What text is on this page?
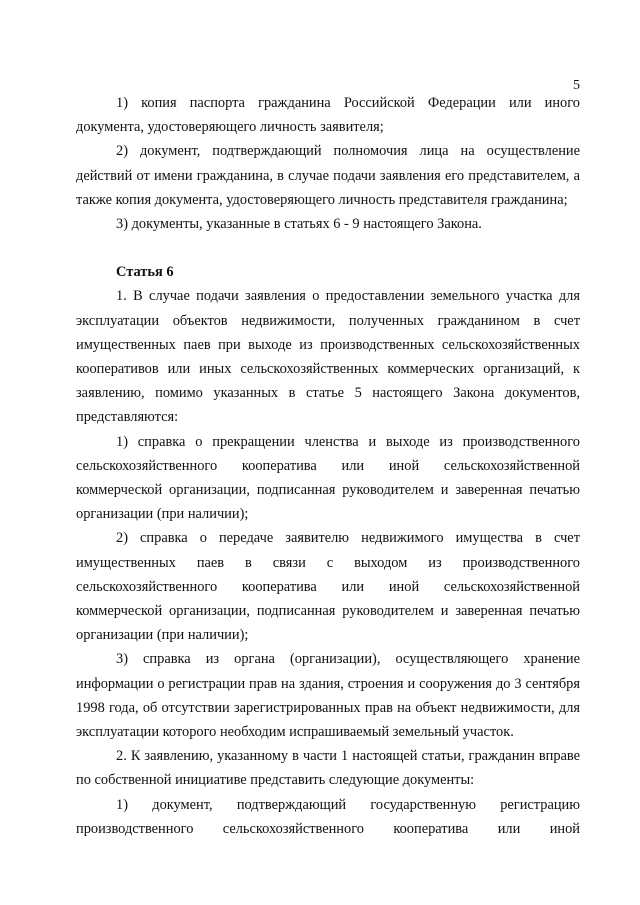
5

1) копия паспорта гражданина Российской Федерации или иного документа, удостоверяющего личность заявителя;

2) документ, подтверждающий полномочия лица на осуществление действий от имени гражданина, в случае подачи заявления его представителем, а также копия документа, удостоверяющего личность представителя гражданина;

3) документы, указанные в статьях 6 - 9 настоящего Закона.

Статья 6

1. В случае подачи заявления о предоставлении земельного участка для эксплуатации объектов недвижимости, полученных гражданином в счет имущественных паев при выходе из производственных сельскохозяйственных кооперативов или иных сельскохозяйственных коммерческих организаций, к заявлению, помимо указанных в статье 5 настоящего Закона документов, представляются:

1) справка о прекращении членства и выходе из производственного сельскохозяйственного кооператива или иной сельскохозяйственной коммерческой организации, подписанная руководителем и заверенная печатью организации (при наличии);

2) справка о передаче заявителю недвижимого имущества в счет имущественных паев в связи с выходом из производственного сельскохозяйственного кооператива или иной сельскохозяйственной коммерческой организации, подписанная руководителем и заверенная печатью организации (при наличии);

3) справка из органа (организации), осуществляющего хранение информации о регистрации прав на здания, строения и сооружения до 3 сентября 1998 года, об отсутствии зарегистрированных прав на объект недвижимости, для эксплуатации которого необходим испрашиваемый земельный участок.

2. К заявлению, указанному в части 1 настоящей статьи, гражданин вправе по собственной инициативе представить следующие документы:

1) документ, подтверждающий государственную регистрацию производственного сельскохозяйственного кооператива или иной
